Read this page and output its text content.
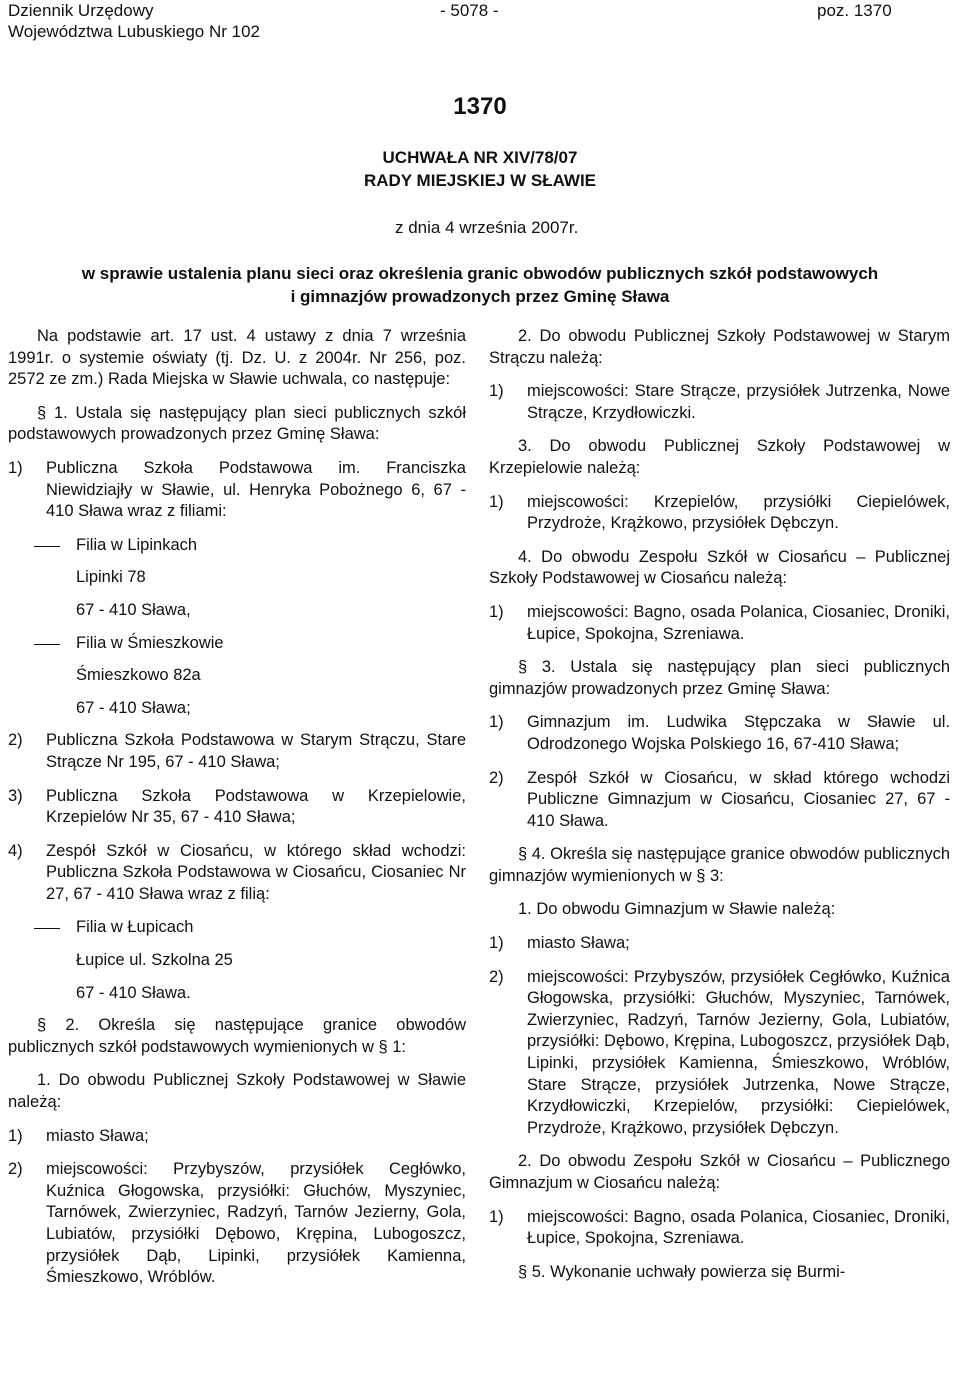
Dziennik Urzędowy
Województwa Lubuskiego Nr 102
- 5078 -	poz. 1370
1370
UCHWAŁA NR XIV/78/07
RADY MIEJSKIEJ W SŁAWIE
z dnia 4 września 2007r.
w sprawie ustalenia planu sieci oraz określenia granic obwodów publicznych szkół podstawowych
i gimnazjów prowadzonych przez Gminę Sława

Na podstawie art. 17 ust. 4 ustawy z dnia 7 września 1991r. o systemie oświaty (tj. Dz. U. z 2004r. Nr 256, poz. 2572 ze zm.) Rada Miejska w Sławie uchwala, co następuje:

§ 1. Ustala się następujący plan sieci publicznych szkół podstawowych prowadzonych przez Gminę Sława:

1) Publiczna Szkoła Podstawowa im. Franciszka Niewidziajły w Sławie, ul. Henryka Pobożnego 6, 67 - 410 Sława wraz z filiami:

Filia w Lipinkach
Lipinki 78
67 - 410 Sława,
Filia w Śmieszkowie
Śmieszkowo 82a
67 - 410 Sława;

2) Publiczna Szkoła Podstawowa w Starym Strączu, Stare Strącze Nr 195, 67 - 410 Sława;

3) Publiczna Szkoła Podstawowa w Krzepielowie, Krzepielów Nr 35, 67 - 410 Sława;

4) Zespół Szkół w Ciosańcu, w którego skład wchodzi: Publiczna Szkoła Podstawowa w Ciosańcu, Ciosaniec Nr 27, 67 - 410 Sława wraz z filią:

Filia w Łupicach
Łupice ul. Szkolna 25
67 - 410 Sława.

§ 2. Określa się następujące granice obwodów publicznych szkół podstawowych wymienionych w § 1:

1. Do obwodu Publicznej Szkoły Podstawowej w Sławie należą:

1) miasto Sława;

2) miejscowości: Przybyszów, przysiółek Cegłówko, Kuźnica Głogowska, przysiółki: Głuchów, Myszyniec, Tarnówek, Zwierzyniec, Radzyń, Tarnów Jezierny, Gola, Lubiatów, przysiółki Dębowo, Krępina, Lubogoszcz, przysiółek Dąb, Lipinki, przysiółek Kamienna, Śmieszkowo, Wróblów.

2. Do obwodu Publicznej Szkoły Podstawowej w Starym Strączu należą:

1) miejscowości: Stare Strącze, przysiółek Jutrzenka, Nowe Strącze, Krzydłowiczki.

3. Do obwodu Publicznej Szkoły Podstawowej w Krzepielowie należą:

1) miejscowości: Krzepielów, przysiółki Ciepielówek, Przydroże, Krążkowo, przysiółek Dębczyn.

4. Do obwodu Zespołu Szkół w Ciosańcu – Publicznej Szkoły Podstawowej w Ciosańcu należą:

1) miejscowości: Bagno, osada Polanica, Ciosaniec, Droniki, Łupice, Spokojna, Szreniawa.

§ 3. Ustala się następujący plan sieci publicznych gimnazjów prowadzonych przez Gminę Sława:

1) Gimnazjum im. Ludwika Stępczaka w Sławie ul. Odrodzonego Wojska Polskiego 16, 67-410 Sława;

2) Zespół Szkół w Ciosańcu, w skład którego wchodzi Publiczne Gimnazjum w Ciosańcu, Ciosaniec 27, 67 - 410 Sława.

§ 4. Określa się następujące granice obwodów publicznych gimnazjów wymienionych w § 3:

1. Do obwodu Gimnazjum w Sławie należą:

1) miasto Sława;

2) miejscowości: Przybyszów, przysiółek Cegłówko, Kuźnica Głogowska, przysiółki: Głuchów, Myszyniec, Tarnówek, Zwierzyniec, Radzyń, Tarnów Jezierny, Gola, Lubiatów, przysiółki: Dębowo, Krępina, Lubogoszcz, przysiółek Dąb, Lipinki, przysiółek Kamienna, Śmieszkowo, Wróblów, Stare Strącze, przysiółek Jutrzenka, Nowe Strącze, Krzydłowiczki, Krzepielów, przysiółki: Ciepielówek, Przydroże, Krążkowo, przysiółek Dębczyn.

2. Do obwodu Zespołu Szkół w Ciosańcu – Publicznego Gimnazjum w Ciosańcu należą:

1) miejscowości: Bagno, osada Polanica, Ciosaniec, Droniki, Łupice, Spokojna, Szreniawa.

§ 5. Wykonanie uchwały powierza się Burmi-
